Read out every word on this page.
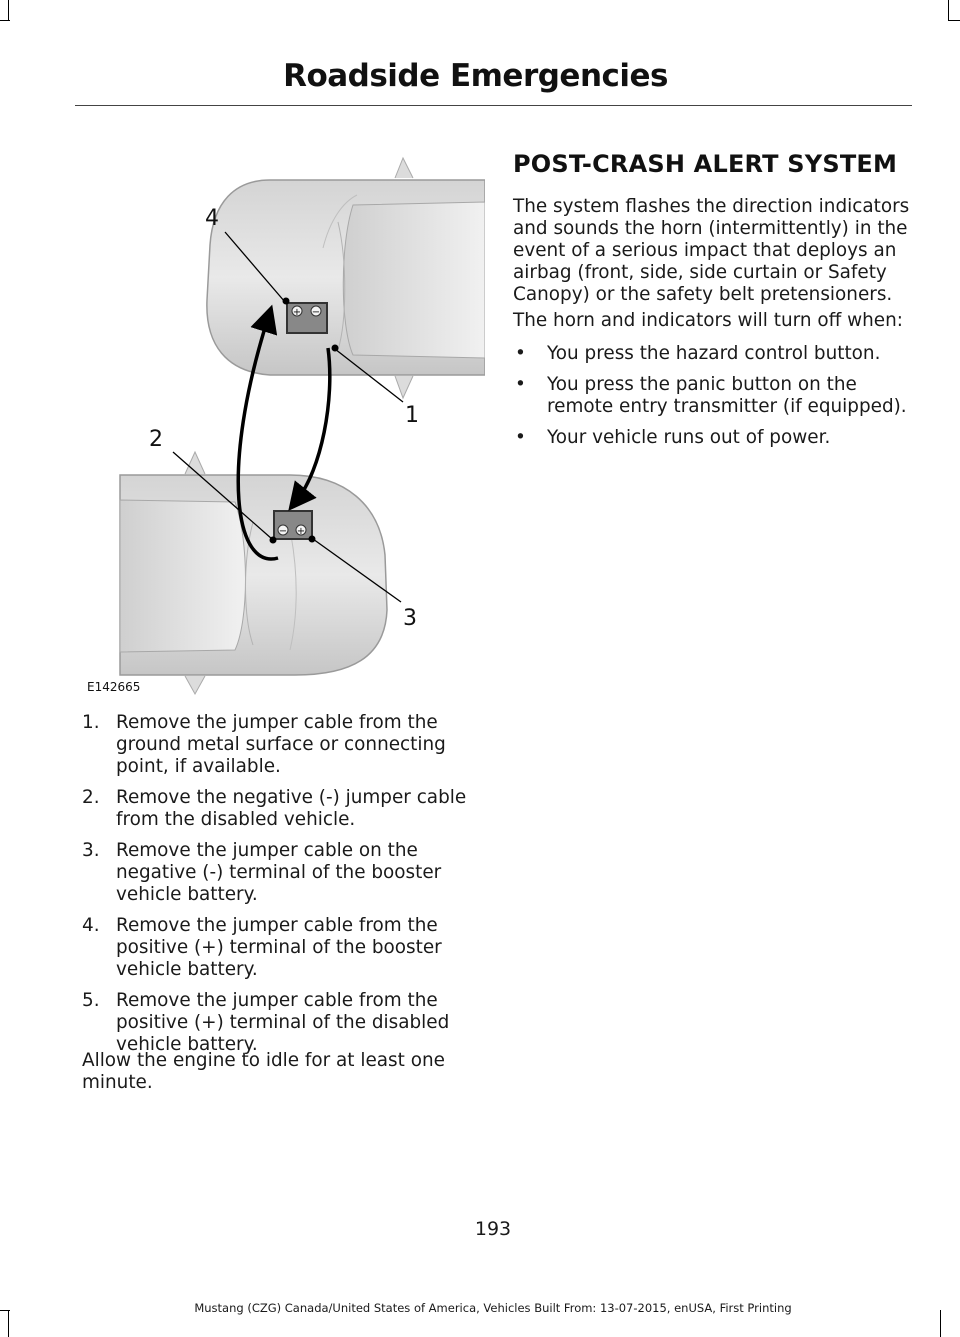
Roadside Emergencies
+ −
− +
4
1
2
3
E142665
1. Remove the jumper cable from the ground metal surface or connecting point, if available.
2. Remove the negative (-) jumper cable from the disabled vehicle.
3. Remove the jumper cable on the negative (-) terminal of the booster vehicle battery.
4. Remove the jumper cable from the positive (+) terminal of the booster vehicle battery.
5. Remove the jumper cable from the positive (+) terminal of the disabled vehicle battery.

Allow the engine to idle for at least one minute.

POST-CRASH ALERT SYSTEM

The system flashes the direction indicators and sounds the horn (intermittently) in the event of a serious impact that deploys an airbag (front, side, side curtain or Safety Canopy) or the safety belt pretensioners.

The horn and indicators will turn off when:

• You press the hazard control button.
• You press the panic button on the remote entry transmitter (if equipped).
• Your vehicle runs out of power.

193

Mustang (CZG) Canada/United States of America, Vehicles Built From: 13-07-2015, enUSA, First Printing
